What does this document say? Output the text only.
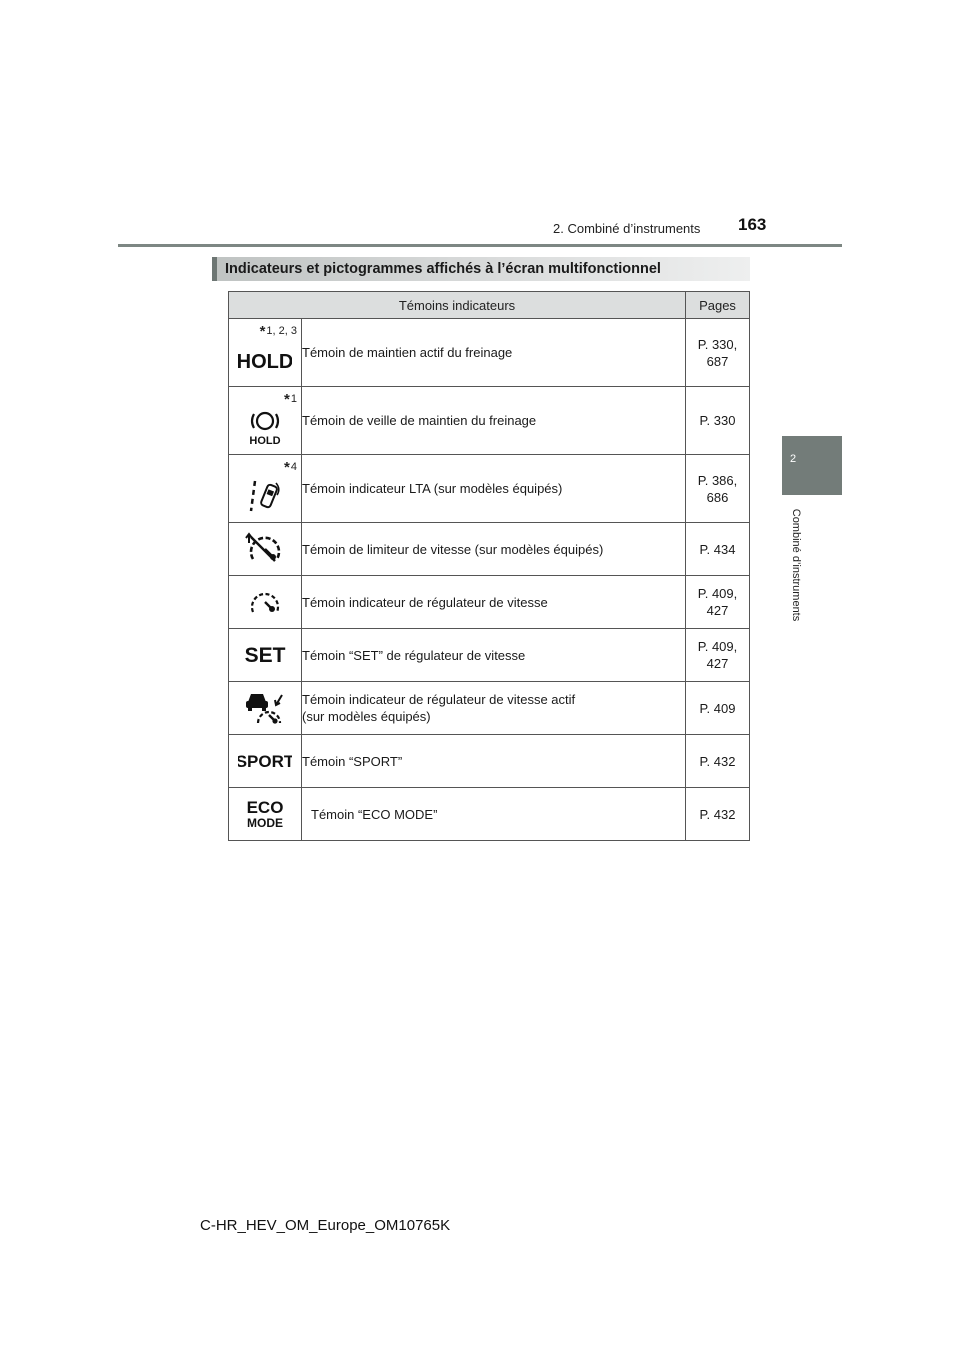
2. Combiné d’instruments 163
2
Combiné d’instruments
Indicateurs et pictogrammes affichés à l’écran multifonctionnel
Témoins indicateurs		Pages

*1, 2, 3
HOLD	Témoin de maintien actif du freinage	P. 330,
687

*1
HOLD	Témoin de veille de maintien du freinage	P. 330

*4	Témoin indicateur LTA (sur modèles équipés)	P. 386,
686
	Témoin de limiteur de vitesse (sur modèles équipés)	P. 434
	Témoin indicateur de régulateur de vitesse	P. 409,
427

SET	Témoin “SET” de régulateur de vitesse	P. 409,
427
	Témoin indicateur de régulateur de vitesse actif
(sur modèles équipés)	P. 409

SPORT	Témoin “SPORT”	P. 432

ECO
MODE	Témoin “ECO MODE”	P. 432
C-HR_HEV_OM_Europe_OM10765K
